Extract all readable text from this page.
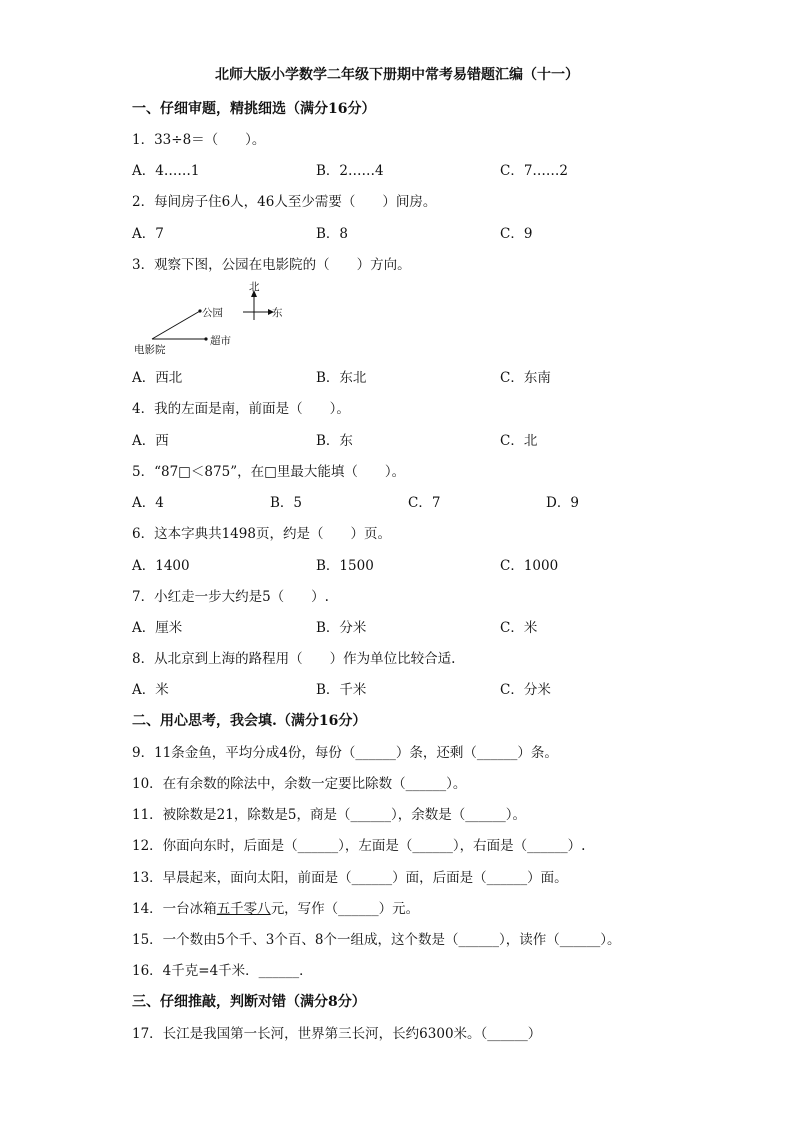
北师大版小学数学二年级下册期中常考易错题汇编（十一）
一、仔细审题，精挑细选（满分16分）
1．33÷8＝（　　）。
A．4……1	B．2……4	C．7……2
2．每间房子住6人，46人至少需要（　　）间房。
A．7	B．8	C．9
3．观察下图，公园在电影院的（　　）方向。
北
东
公园
超市
电影院
A．西北	B．东北	C．东南
4．我的左面是南，前面是（　　）。
A．西	B．东	C．北
5．“87□＜875”，在□里最大能填（　　）。
A．4	B．5	C．7	D．9
6．这本字典共1498页，约是（　　）页。
A．1400	B．1500	C．1000
7．小红走一步大约是5（　　）.
A．厘米	B．分米	C．米
8．从北京到上海的路程用（　　）作为单位比较合适.
A．米	B．千米	C．分米
二、用心思考，我会填.（满分16分）
9．11条金鱼，平均分成4份，每份（______）条，还剩（______）条。
10．在有余数的除法中，余数一定要比除数（______）。
11．被除数是21，除数是5，商是（______），余数是（______）。
12．你面向东时，后面是（______），左面是（______），右面是（______）.
13．早晨起来，面向太阳，前面是（______）面，后面是（______）面。
14．一台冰箱五千零八元，写作（______）元。
15．一个数由5个千、3个百、8个一组成，这个数是（______），读作（______）。
16．4千克=4千米．______．
三、仔细推敲，判断对错（满分8分）
17．长江是我国第一长河，世界第三长河，长约6300米。（______）
